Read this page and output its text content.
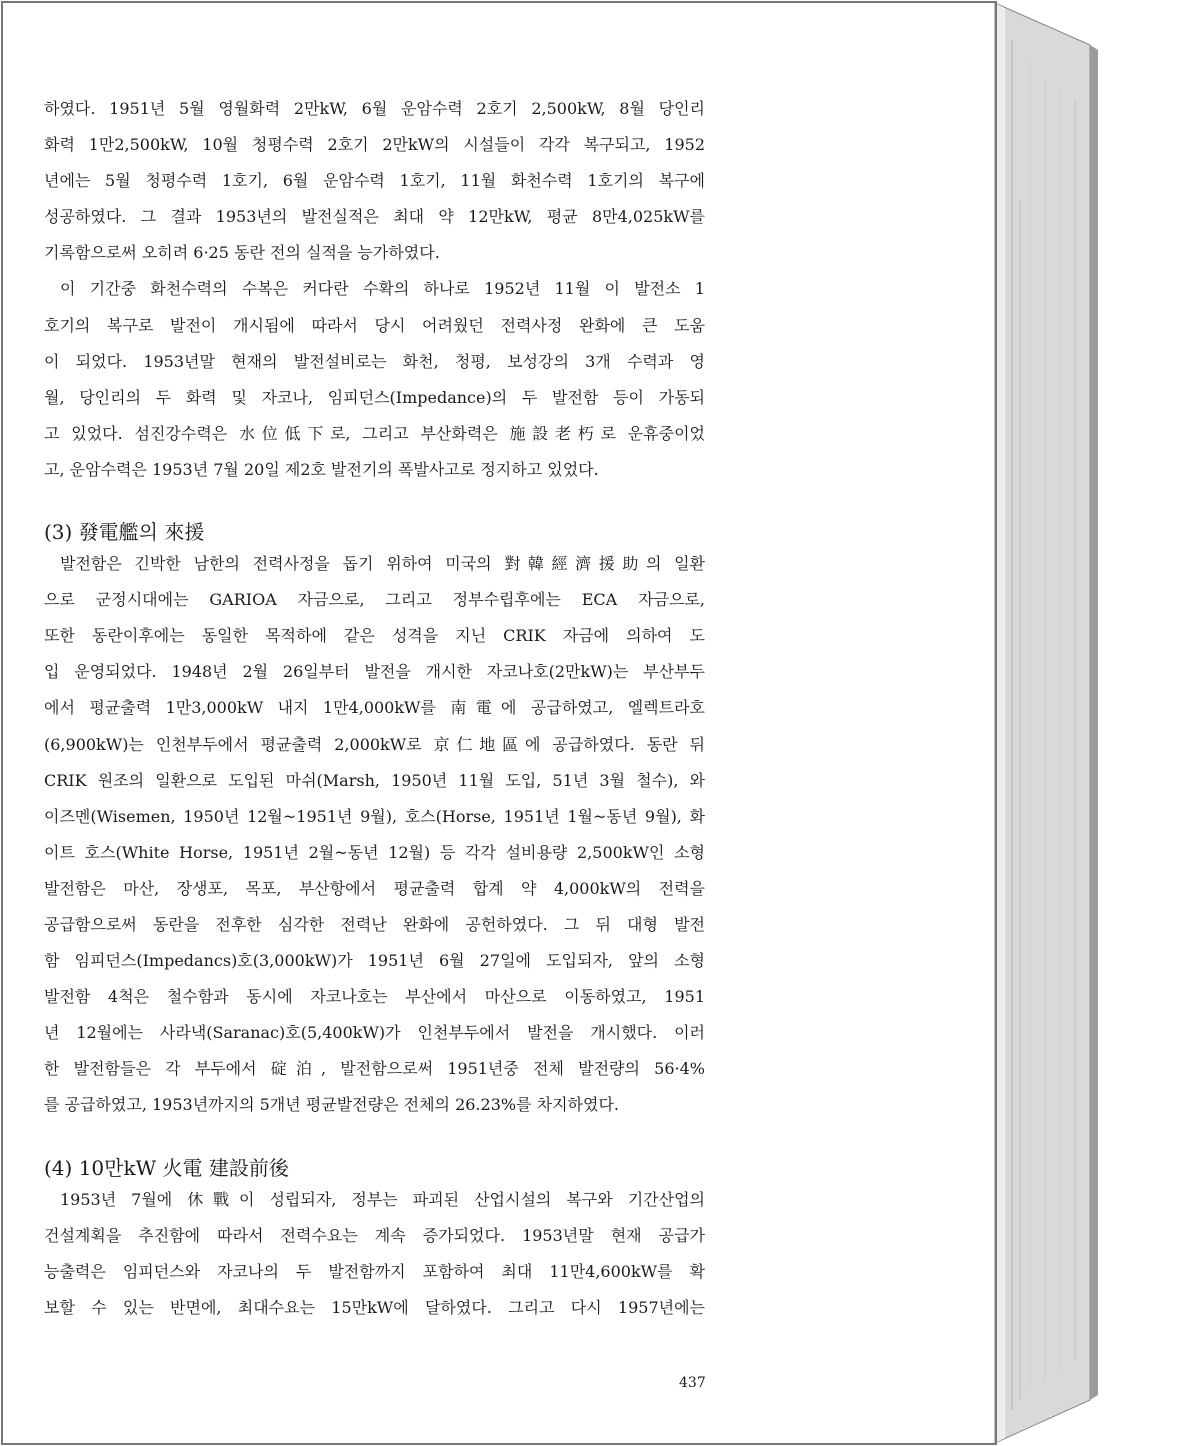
하였다. 1951년 5월 영월화력 2만kW, 6월 운암수력 2호기 2,500kW, 8월 당인리
화력 1만2,500kW, 10월 청평수력 2호기 2만kW의 시설들이 각각 복구되고, 1952
년에는 5월 청평수력 1호기, 6월 운암수력 1호기, 11월 화천수력 1호기의 복구에
성공하였다. 그 결과 1953년의 발전실적은 최대 약 12만kW, 평균 8만4,025kW를
기록함으로써 오히려 6·25 동란 전의 실적을 능가하였다.
이 기간중 화천수력의 수복은 커다란 수확의 하나로 1952년 11월 이 발전소 1
호기의 복구로 발전이 개시됨에 따라서 당시 어려웠던 전력사정 완화에 큰 도움
이 되었다. 1953년말 현재의 발전설비로는 화천, 청평, 보성강의 3개 수력과 영
월, 당인리의 두 화력 및 자코나, 임피던스(Impedance)의 두 발전함 등이 가동되
고 있었다. 섬진강수력은 水位低下로, 그리고 부산화력은 施設老朽로 운휴중이었
고, 운암수력은 1953년 7월 20일 제2호 발전기의 폭발사고로 정지하고 있었다.
(3) 發電艦의 來援
발전함은 긴박한 남한의 전력사정을 돕기 위하여 미국의 對韓經濟援助의 일환
으로 군정시대에는 GARIOA 자금으로, 그리고 정부수립후에는 ECA 자금으로,
또한 동란이후에는 동일한 목적하에 같은 성격을 지닌 CRIK 자금에 의하여 도
입 운영되었다. 1948년 2월 26일부터 발전을 개시한 자코나호(2만kW)는 부산부두
에서 평균출력 1만3,000kW 내지 1만4,000kW를 南電에 공급하였고, 엘렉트라호
(6,900kW)는 인천부두에서 평균출력 2,000kW로 京仁地區에 공급하였다. 동란 뒤
CRIK 원조의 일환으로 도입된 마쉬(Marsh, 1950년 11월 도입, 51년 3월 철수), 와
이즈멘(Wisemen, 1950년 12월~1951년 9월), 호스(Horse, 1951년 1월~동년 9월), 화
이트 호스(White Horse, 1951년 2월~동년 12월) 등 각각 설비용량 2,500kW인 소형
발전함은 마산, 장생포, 목포, 부산항에서 평균출력 합계 약 4,000kW의 전력을
공급함으로써 동란을 전후한 심각한 전력난 완화에 공헌하였다. 그 뒤 대형 발전
함 임피던스(Impedancs)호(3,000kW)가 1951년 6월 27일에 도입되자, 앞의 소형
발전함 4척은 철수함과 동시에 자코나호는 부산에서 마산으로 이동하였고, 1951
년 12월에는 사라낵(Saranac)호(5,400kW)가 인천부두에서 발전을 개시했다. 이러
한 발전함들은 각 부두에서 碇泊, 발전함으로써 1951년중 전체 발전량의 56·4%
를 공급하였고, 1953년까지의 5개년 평균발전량은 전체의 26.23%를 차지하였다.
(4) 10만kW 火電 建設前後
1953년 7월에 休戰이 성립되자, 정부는 파괴된 산업시설의 복구와 기간산업의
건설계획을 추진함에 따라서 전력수요는 계속 증가되었다. 1953년말 현재 공급가
능출력은 임피던스와 자코나의 두 발전함까지 포함하여 최대 11만4,600kW를 확
보할 수 있는 반면에, 최대수요는 15만kW에 달하였다. 그리고 다시 1957년에는
437
